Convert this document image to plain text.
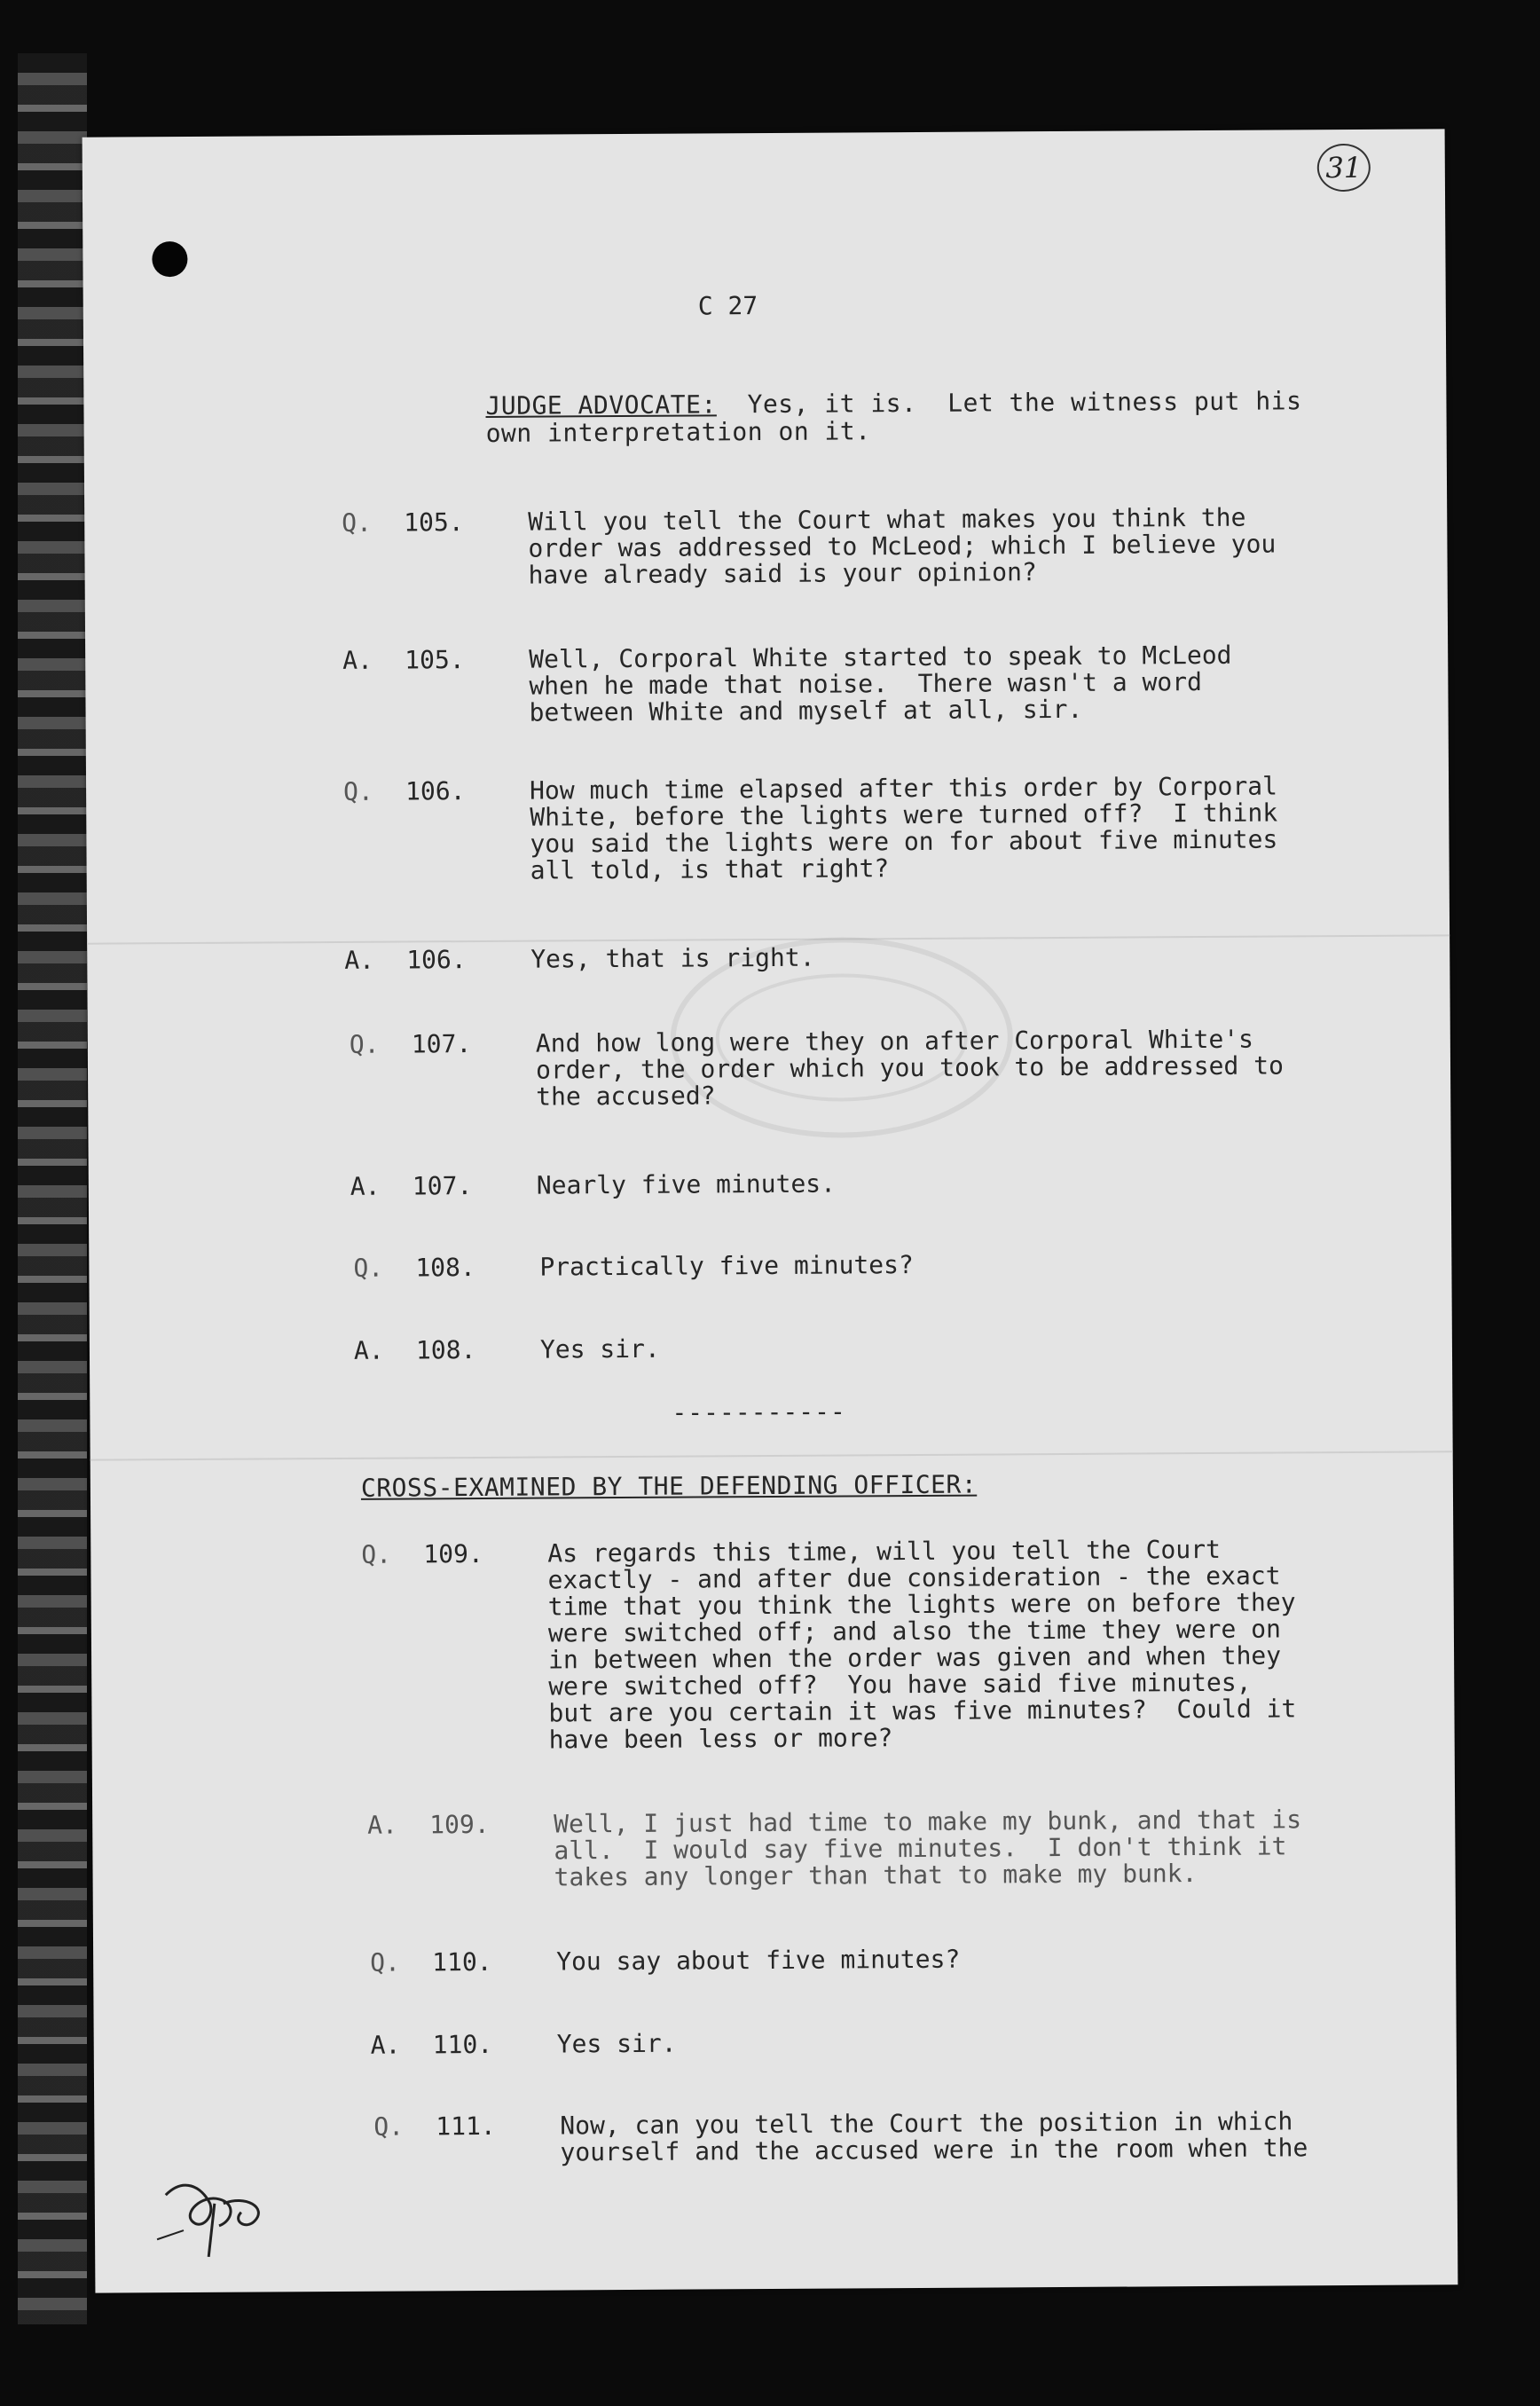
31
C 27
JUDGE ADVOCATE:  Yes, it is.  Let the witness put his
own interpretation on it.
Q.	105.	Will you tell the Court what makes you think the
order was addressed to McLeod; which I believe you
have already said is your opinion?
A.	105.	Well, Corporal White started to speak to McLeod
when he made that noise.  There wasn't a word
between White and myself at all, sir.
Q.	106.	How much time elapsed after this order by Corporal
White, before the lights were turned off?  I think
you said the lights were on for about five minutes
all told, is that right?
A.	106.	Yes, that is right.
Q.	107.	And how long were they on after Corporal White's
order, the order which you took to be addressed to
the accused?
A.	107.	Nearly five minutes.
Q.	108.	Practically five minutes?
A.	108.	Yes sir.
-----------
CROSS-EXAMINED BY THE DEFENDING OFFICER:
Q.	109.	As regards this time, will you tell the Court
exactly - and after due consideration - the exact
time that you think the lights were on before they
were switched off; and also the time they were on
in between when the order was given and when they
were switched off?  You have said five minutes,
but are you certain it was five minutes?  Could it
have been less or more?
A.	109.	Well, I just had time to make my bunk, and that is
all.  I would say five minutes.  I don't think it
takes any longer than that to make my bunk.
Q.	110.	You say about five minutes?
A.	110.	Yes sir.
Q.	111.	Now, can you tell the Court the position in which
yourself and the accused were in the room when the
